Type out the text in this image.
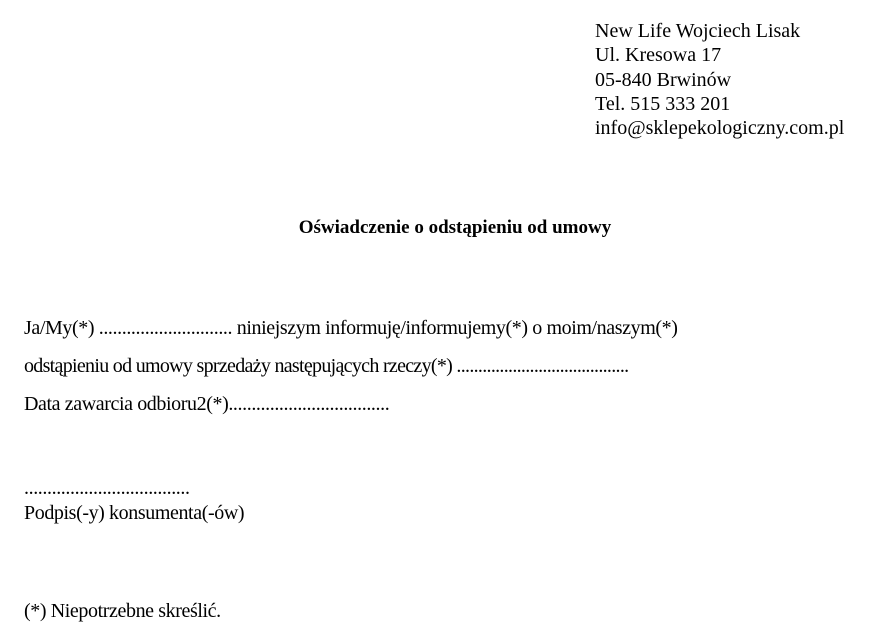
New Life Wojciech Lisak
Ul. Kresowa 17
05-840 Brwinów
Tel. 515 333 201
info@sklepekologiczny.com.pl
Oświadczenie o odstąpieniu od umowy
Ja/My(*) ............................. niniejszym informuję/informujemy(*) o moim/naszym(*)
odstąpieniu od umowy sprzedaży następujących rzeczy(*) ........................................
Data zawarcia odbioru2(*)...................................
....................................
Podpis(-y) konsumenta(-ów)
(*) Niepotrzebne skreślić.
